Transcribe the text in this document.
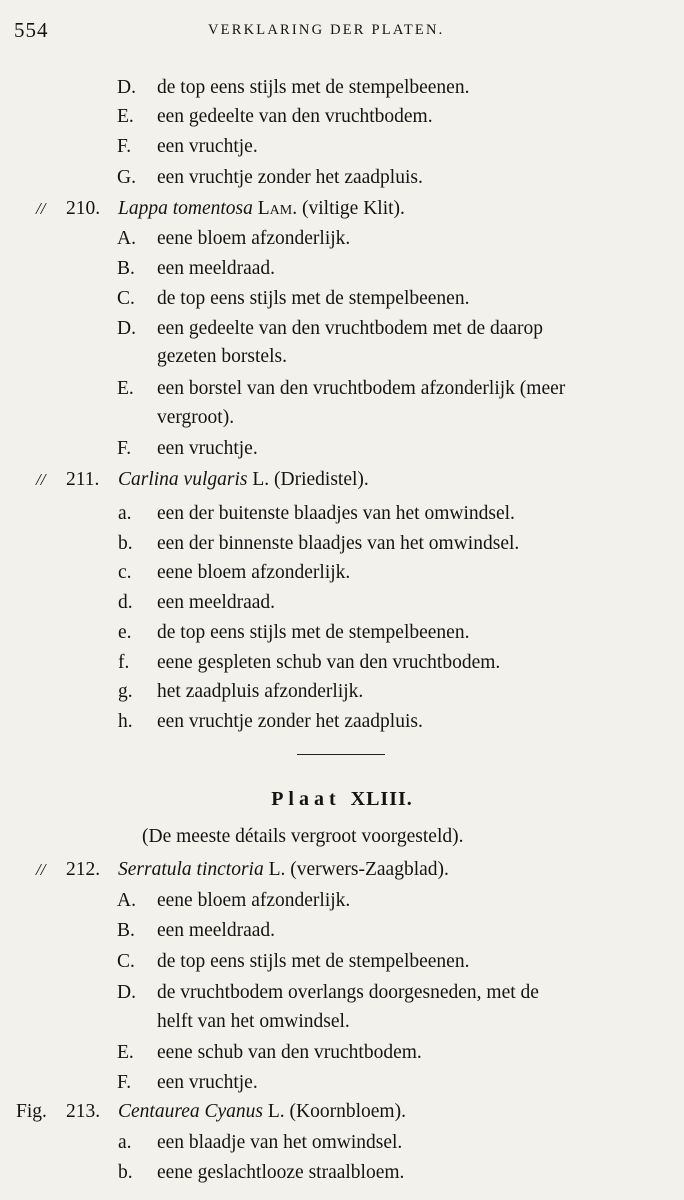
554	VERKLARING DER PLATEN.
D. de top eens stijls met de stempelbeenen.
E. een gedeelte van den vruchtbodem.
F. een vruchtje.
G. een vruchtje zonder het zaadpluis.
// 210. Lappa tomentosa Lam. (viltige Klit).
A. eene bloem afzonderlijk.
B. een meeldraad.
C. de top eens stijls met de stempelbeenen.
D. een gedeelte van den vruchtbodem met de daarop
gezeten borstels.
E. een borstel van den vruchtbodem afzonderlijk (meer
vergroot).
F. een vruchtje.
// 211. Carlina vulgaris L. (Driedistel).
a. een der buitenste blaadjes van het omwindsel.
b. een der binnenste blaadjes van het omwindsel.
c. eene bloem afzonderlijk.
d. een meeldraad.
e. de top eens stijls met de stempelbeenen.
f. eene gespleten schub van den vruchtbodem.
g. het zaadpluis afzonderlijk.
h. een vruchtje zonder het zaadpluis.
Plaat XLIII.
(De meeste détails vergroot voorgesteld).
// 212. Serratula tinctoria L. (verwers-Zaagblad).
A. eene bloem afzonderlijk.
B. een meeldraad.
C. de top eens stijls met de stempelbeenen.
D. de vruchtbodem overlangs doorgesneden, met de
helft van het omwindsel.
E. eene schub van den vruchtbodem.
F. een vruchtje.
Fig. 213. Centaurea Cyanus L. (Koornbloem).
a. een blaadje van het omwindsel.
b. eene geslachtlooze straalbloem.
